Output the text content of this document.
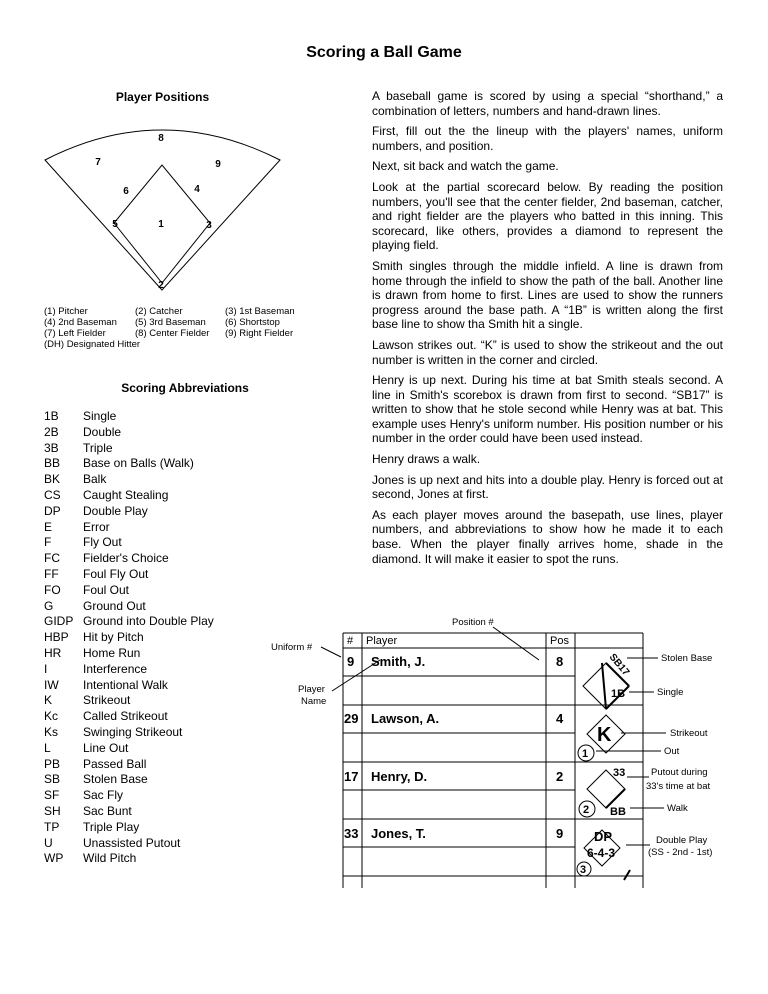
Scoring a Ball Game
Player Positions
8
7	9
6	4
5	1	3
2
(1) Pitcher	(2) Catcher	(3) 1st Baseman
(4) 2nd Baseman	(5) 3rd Baseman	(6) Shortstop
(7) Left Fielder	(8) Center Fielder	(9) Right Fielder
(DH) Designated Hitter
Scoring Abbreviations
1B	Single
2B	Double
3B	Triple
BB	Base on Balls (Walk)
BK	Balk
CS	Caught Stealing
DP	Double Play
E	Error
F	Fly Out
FC	Fielder's Choice
FF	Foul Fly Out
FO	Foul Out
G	Ground Out
GIDP Ground into Double Play
HBP	Hit by Pitch
HR	Home Run
I	Interference
IW	Intentional Walk
K	Strikeout
Kc	Called Strikeout
Ks	Swinging Strikeout
L	Line Out
PB	Passed Ball
SB	Stolen Base
SF	Sac Fly
SH	Sac Bunt
TP	Triple Play
U	Unassisted Putout
WP	Wild Pitch

A baseball game is scored by using a special “shorthand,” a combination of letters, numbers and hand-drawn lines.

First, fill out the the lineup with the players' names, uniform numbers, and position.

Next, sit back and watch the game.

Look at the partial scorecard below. By reading the position numbers, you'll see that the center fielder, 2nd baseman, catcher, and right fielder are the players who batted in this inning. This scorecard, like others, provides a diamond to represent the playing field.

Smith singles through the middle infield. A line is drawn from home through the infield to show the path of the ball. Another line is drawn from home to first. Lines are used to show the runners progress around the base path. A “1B” is written along the first base line to show tha Smith hit a single.

Lawson strikes out. “K” is used to show the strikeout and the out number is written in the corner and circled.

Henry is up next. During his time at bat Smith steals second. A line in Smith's scorebox is drawn from first to second. “SB17” is written to show that he stole second while Henry was at bat. This example uses Henry's uniform number. His position number or his number in the order could have been used instead.

Henry draws a walk.

Jones is up next and hits into a double play. Henry is forced out at second, Jones at first.

As each player moves around the basepath, use lines, player numbers, and abbreviations to show how he made it to each base. When the player finally arrives home, shade in the diamond. It will make it easier to spot the runs.

# Player	Pos
9 Smith, J.	8
29 Lawson, A.	4
17 Henry, D.	2
33 Jones, T.	9
SB17
1B
K
1
33
2 BB
DP
6-4-3
3
Position #
Uniform #
Player
Name
Stolen Base
Single
Strikeout
Out
Putout during
33's time at bat
Walk
Double Play
(SS - 2nd - 1st)
